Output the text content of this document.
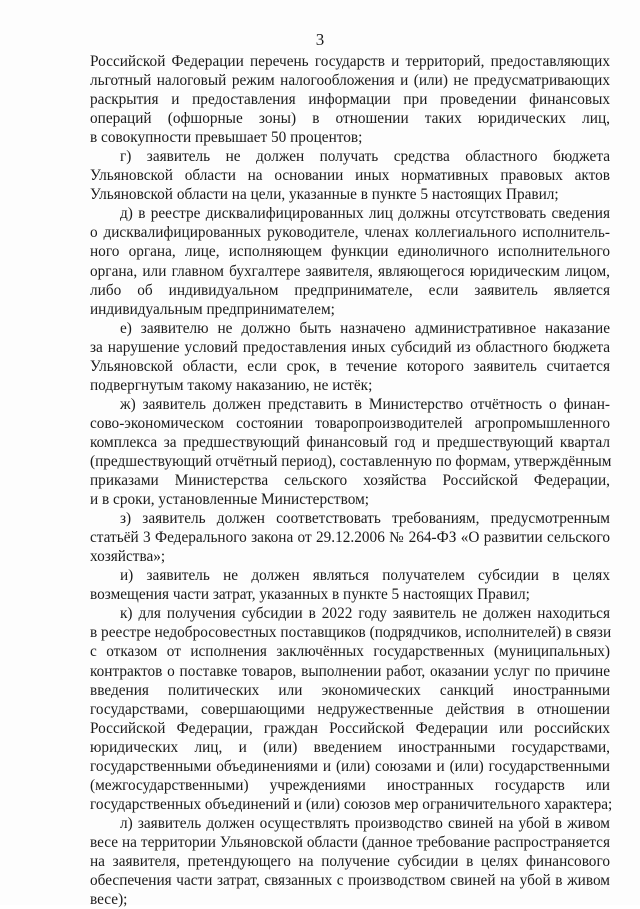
3
Российской Федерации перечень государств и территорий, предоставляющих
льготный налоговый режим налогообложения и (или) не предусматривающих
раскрытия и предоставления информации при проведении финансовых
операций (офшорные зоны) в отношении таких юридических лиц,
в совокупности превышает 50 процентов;
г) заявитель не должен получать средства областного бюджета
Ульяновской области на основании иных нормативных правовых актов
Ульяновской области на цели, указанные в пункте 5 настоящих Правил;
д) в реестре дисквалифицированных лиц должны отсутствовать сведения
о дисквалифицированных руководителе, членах коллегиального исполнитель-
ного органа, лице, исполняющем функции единоличного исполнительного
органа, или главном бухгалтере заявителя, являющегося юридическим лицом,
либо об индивидуальном предпринимателе, если заявитель является
индивидуальным предпринимателем;
е) заявителю не должно быть назначено административное наказание
за нарушение условий предоставления иных субсидий из областного бюджета
Ульяновской области, если срок, в течение которого заявитель считается
подвергнутым такому наказанию, не истёк;
ж) заявитель должен представить в Министерство отчётность о финан-
сово-экономическом состоянии товаропроизводителей агропромышленного
комплекса за предшествующий финансовый год и предшествующий квартал
(предшествующий отчётный период), составленную по формам, утверждённым
приказами Министерства сельского хозяйства Российской Федерации,
и в сроки, установленные Министерством;
з) заявитель должен соответствовать требованиям, предусмотренным
статьёй 3 Федерального закона от 29.12.2006 № 264-ФЗ «О развитии сельского
хозяйства»;
и) заявитель не должен являться получателем субсидии в целях
возмещения части затрат, указанных в пункте 5 настоящих Правил;
к) для получения субсидии в 2022 году заявитель не должен находиться
в реестре недобросовестных поставщиков (подрядчиков, исполнителей) в связи
с отказом от исполнения заключённых государственных (муниципальных)
контрактов о поставке товаров, выполнении работ, оказании услуг по причине
введения политических или экономических санкций иностранными
государствами, совершающими недружественные действия в отношении
Российской Федерации, граждан Российской Федерации или российских
юридических лиц, и (или) введением иностранными государствами,
государственными объединениями и (или) союзами и (или) государственными
(межгосударственными) учреждениями иностранных государств или
государственных объединений и (или) союзов мер ограничительного характера;
л) заявитель должен осуществлять производство свиней на убой в живом
весе на территории Ульяновской области (данное требование распространяется
на заявителя, претендующего на получение субсидии в целях финансового
обеспечения части затрат, связанных с производством свиней на убой в живом
весе);
